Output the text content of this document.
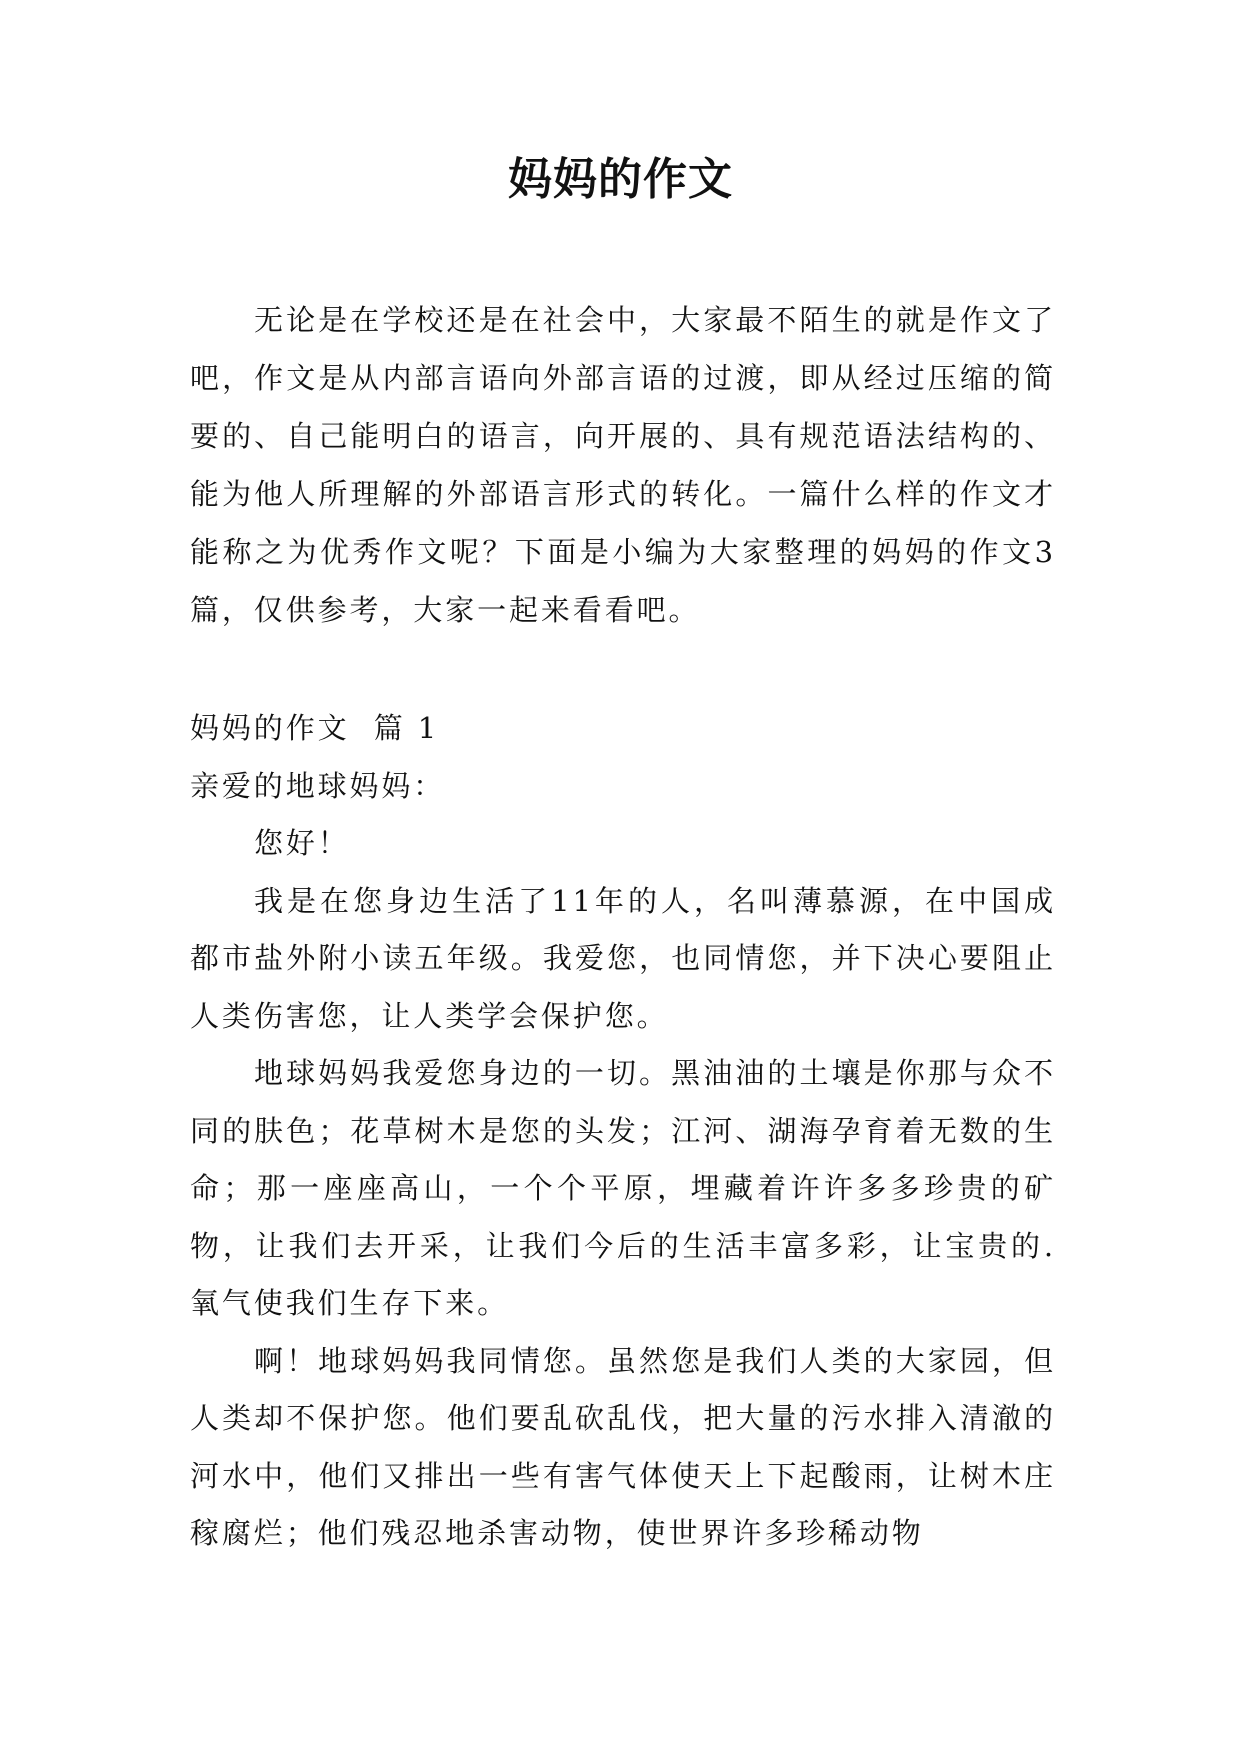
妈妈的作文

无论是在学校还是在社会中，大家最不陌生的就是作文了吧，作文是从内部言语向外部言语的过渡，即从经过压缩的简要的、自己能明白的语言，向开展的、具有规范语法结构的、能为他人所理解的外部语言形式的转化。一篇什么样的作文才能称之为优秀作文呢？下面是小编为大家整理的妈妈的作文3篇，仅供参考，大家一起来看看吧。

妈妈的作文  篇 1

亲爱的地球妈妈：

您好！

我是在您身边生活了11年的人，名叫薄慕源，在中国成都市盐外附小读五年级。我爱您，也同情您，并下决心要阻止人类伤害您，让人类学会保护您。

地球妈妈我爱您身边的一切。黑油油的土壤是你那与众不同的肤色；花草树木是您的头发；江河、湖海孕育着无数的生命；那一座座高山，一个个平原，埋藏着许许多多珍贵的矿物，让我们去开采，让我们今后的生活丰富多彩，让宝贵的.氧气使我们生存下来。

啊！地球妈妈我同情您。虽然您是我们人类的大家园，但人类却不保护您。他们要乱砍乱伐，把大量的污水排入清澈的河水中，他们又排出一些有害气体使天上下起酸雨，让树木庄稼腐烂；他们残忍地杀害动物，使世界许多珍稀动物
